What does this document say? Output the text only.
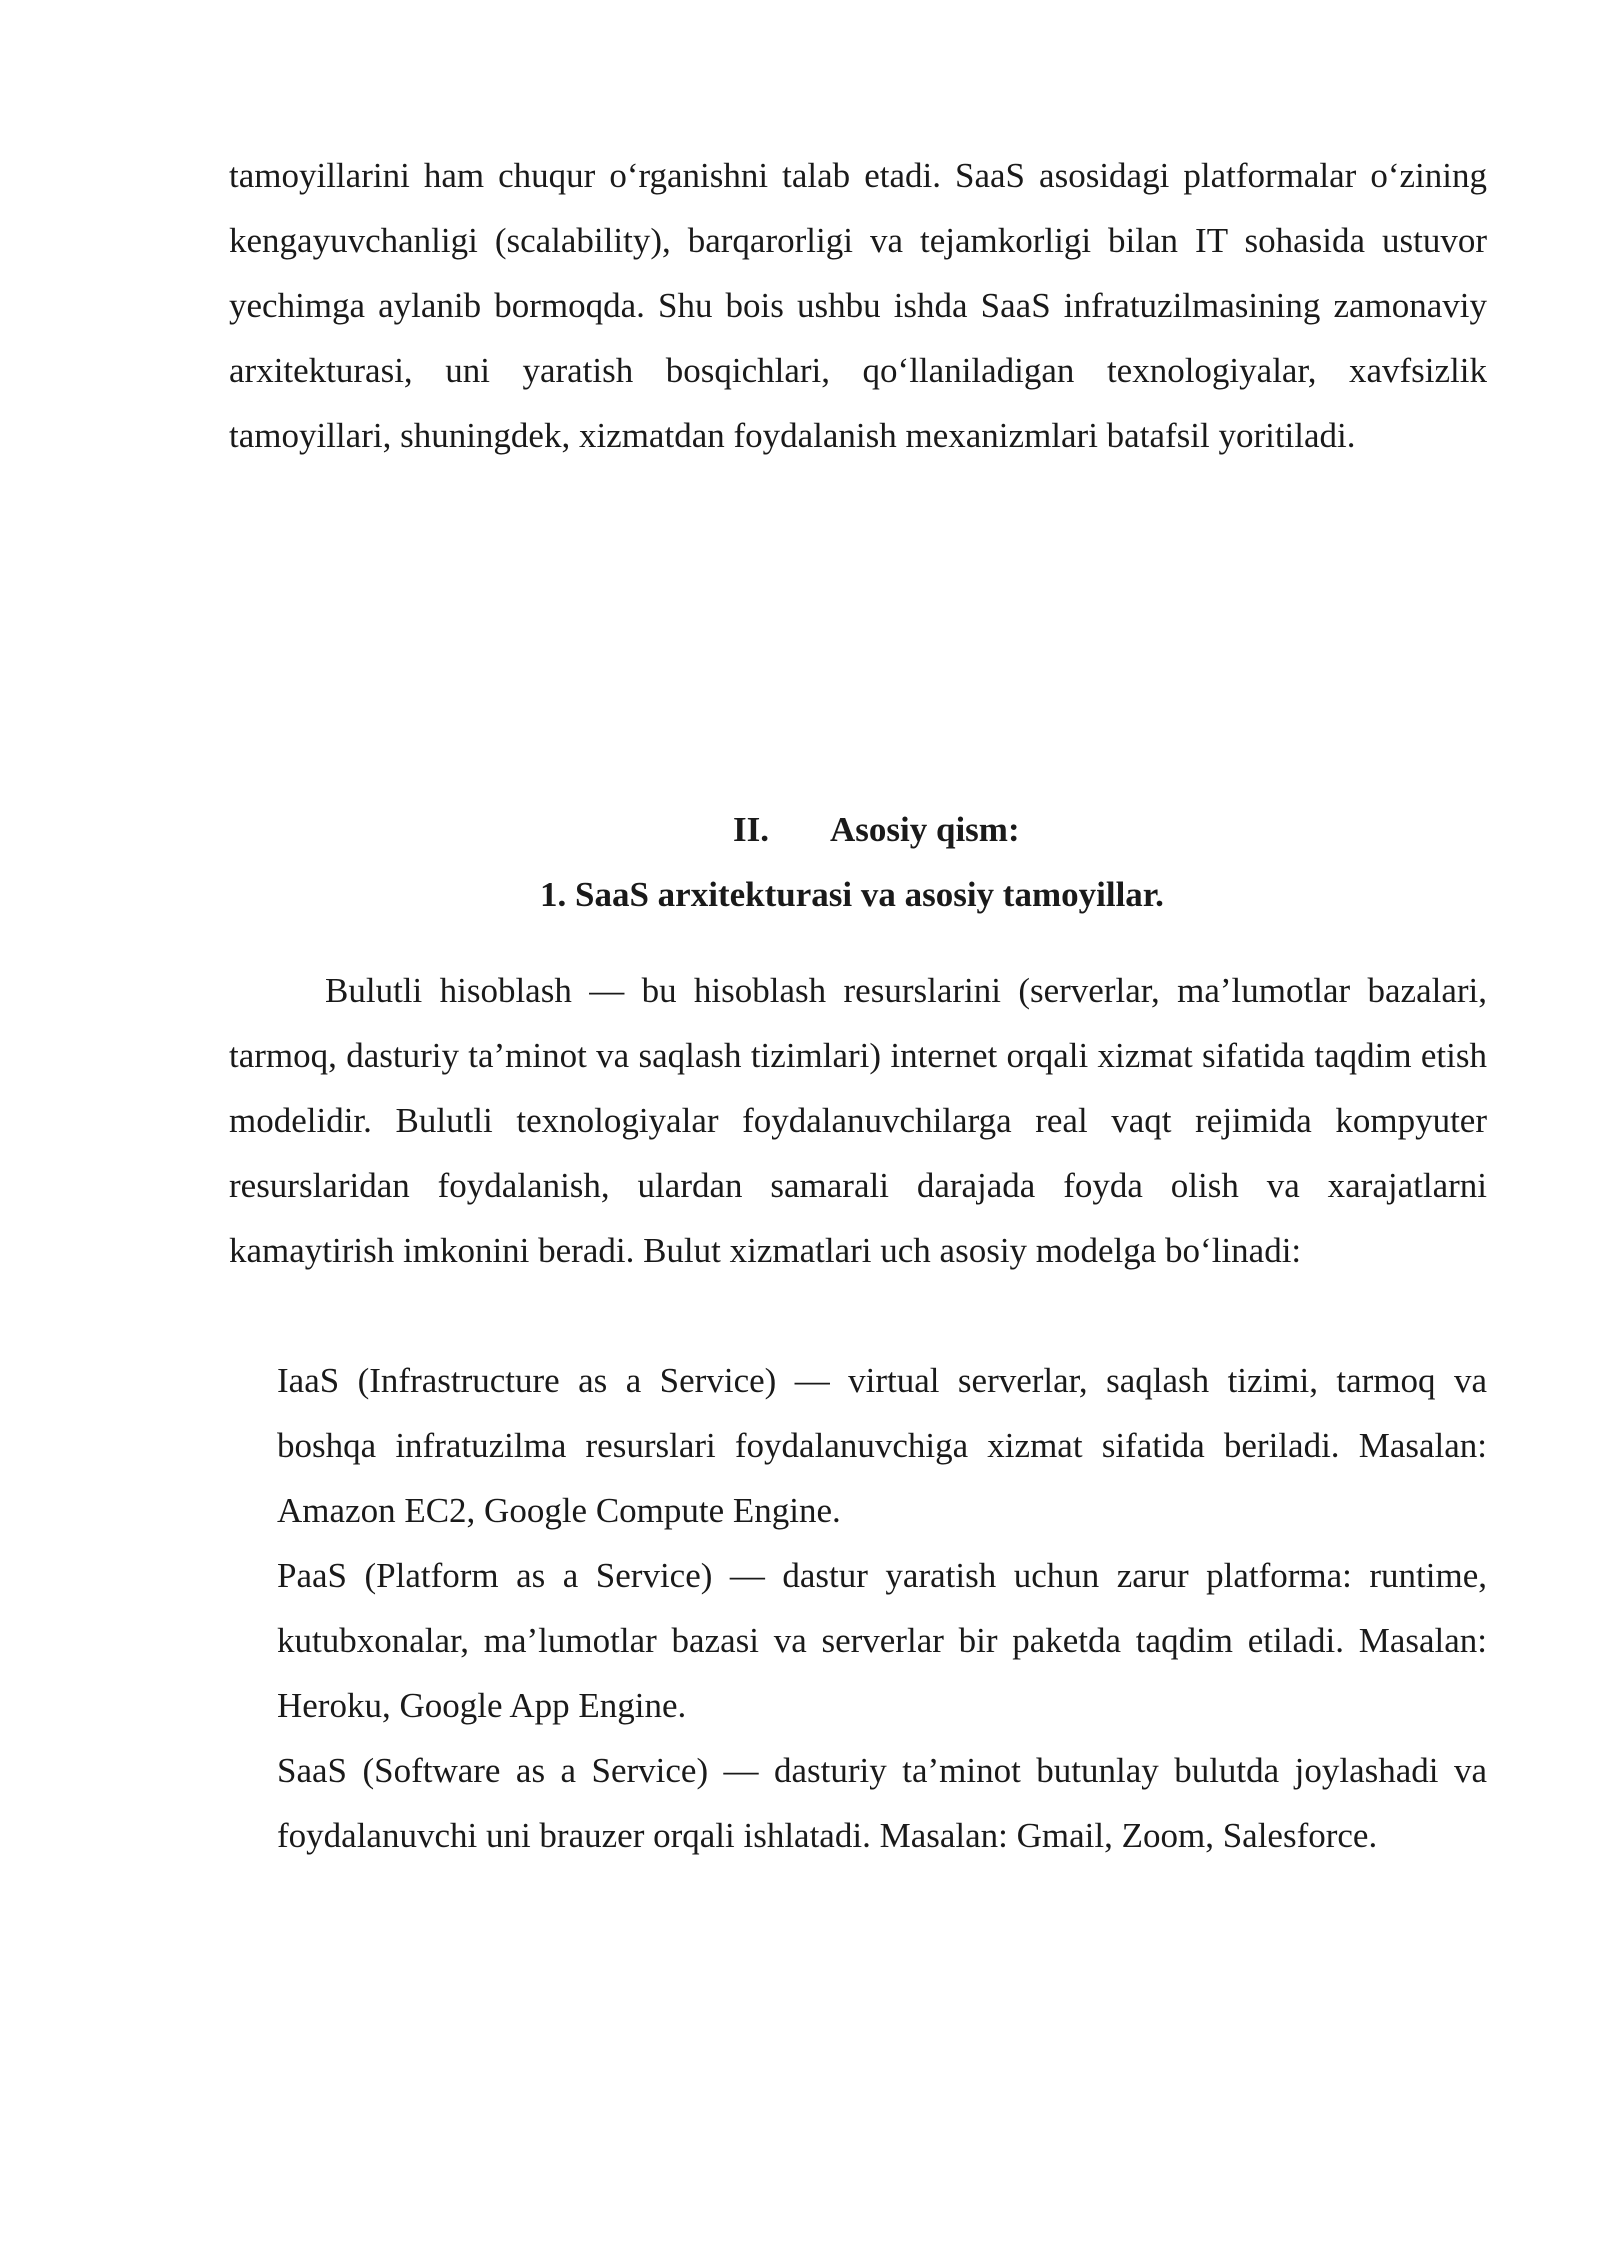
tamoyillarini ham chuqur o‘rganishni talab etadi. SaaS asosidagi platformalar o‘zining kengayuvchanligi (scalability), barqarorligi va tejamkorligi bilan IT sohasida ustuvor yechimga aylanib bormoqda. Shu bois ushbu ishda SaaS infratuzilmasining zamonaviy arxitekturasi, uni yaratish bosqichlari, qo‘llaniladigan texnologiyalar, xavfsizlik tamoyillari, shuningdek, xizmatdan foydalanish mexanizmlari batafsil yoritiladi.

II. Asosiy qism:
1. SaaS arxitekturasi va asosiy tamoyillar.

Bulutli hisoblash — bu hisoblash resurslarini (serverlar, ma’lumotlar bazalari, tarmoq, dasturiy ta’minot va saqlash tizimlari) internet orqali xizmat sifatida taqdim etish modelidir. Bulutli texnologiyalar foydalanuvchilarga real vaqt rejimida kompyuter resurslaridan foydalanish, ulardan samarali darajada foyda olish va xarajatlarni kamaytirish imkonini beradi. Bulut xizmatlari uch asosiy modelga bo‘linadi:

IaaS (Infrastructure as a Service) — virtual serverlar, saqlash tizimi, tarmoq va boshqa infratuzilma resurslari foydalanuvchiga xizmat sifatida beriladi. Masalan: Amazon EC2, Google Compute Engine.

PaaS (Platform as a Service) — dastur yaratish uchun zarur platforma: runtime, kutubxonalar, ma’lumotlar bazasi va serverlar bir paketda taqdim etiladi. Masalan: Heroku, Google App Engine.

SaaS (Software as a Service) — dasturiy ta’minot butunlay bulutda joylashadi va foydalanuvchi uni brauzer orqali ishlatadi. Masalan: Gmail, Zoom, Salesforce.
